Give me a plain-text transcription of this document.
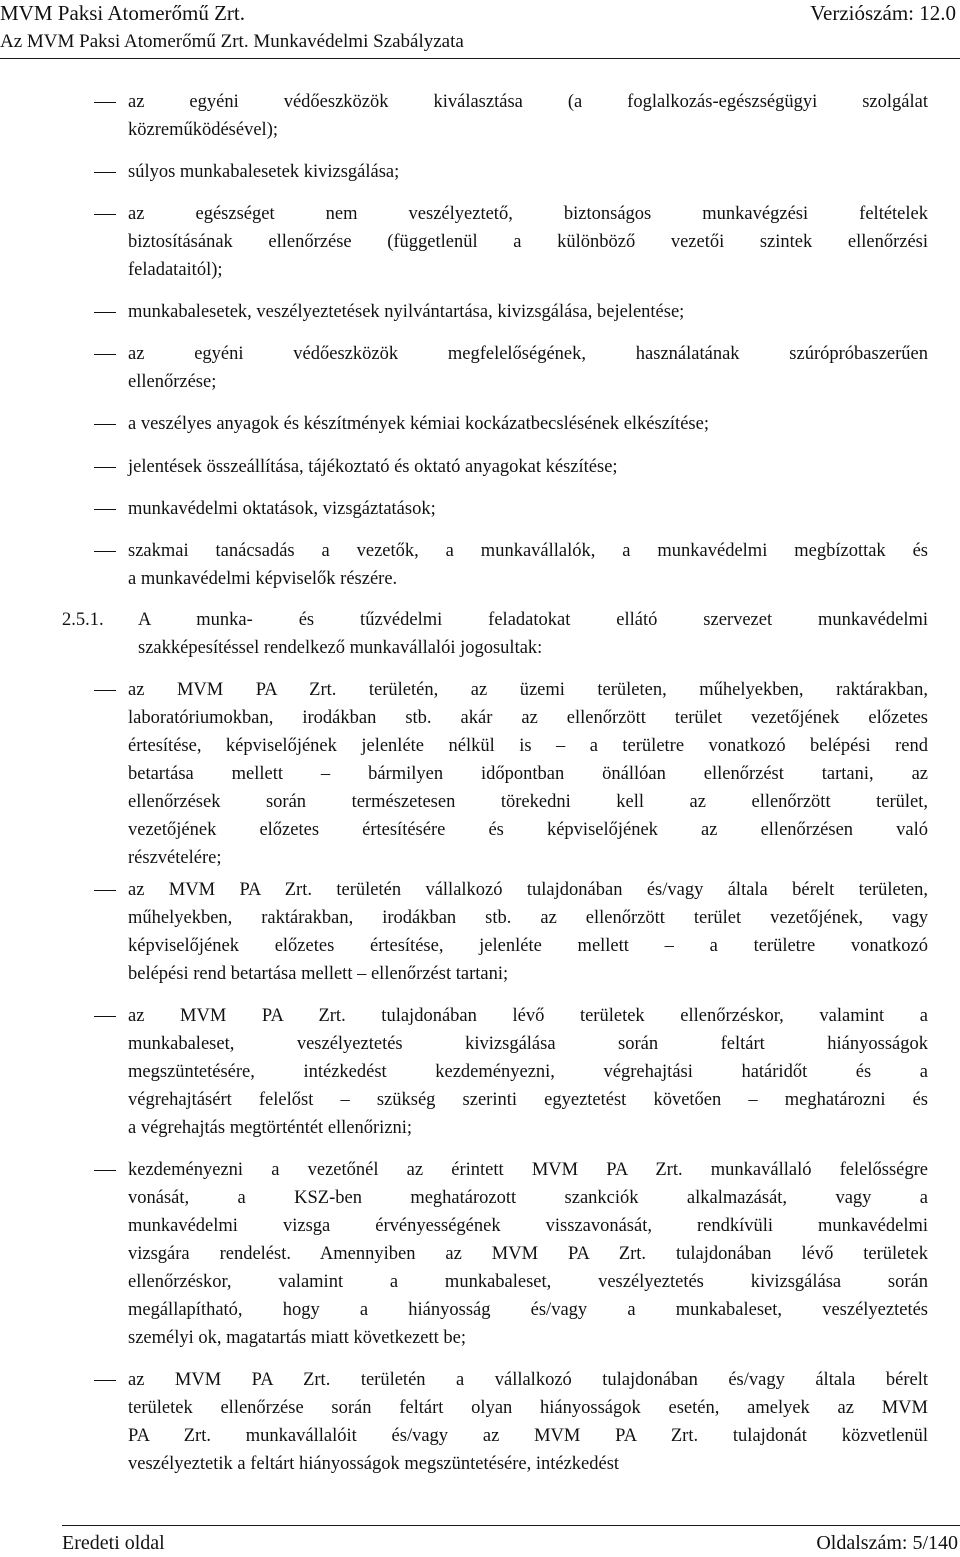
MVM Paksi Atomerőmű Zrt.	Verziószám: 12.0
Az MVM Paksi Atomerőmű Zrt. Munkavédelmi Szabályzata
az egyéni védőeszközök kiválasztása (a foglalkozás-egészségügyi szolgálat
közreműködésével);
súlyos munkabalesetek kivizsgálása;
az egészséget nem veszélyeztető, biztonságos munkavégzési feltételek
biztosításának ellenőrzése (függetlenül a különböző vezetői szintek ellenőrzési
feladataitól);
munkabalesetek, veszélyeztetések nyilvántartása, kivizsgálása, bejelentése;
az egyéni védőeszközök megfelelőségének, használatának szúrópróbaszerűen
ellenőrzése;
a veszélyes anyagok és készítmények kémiai kockázatbecslésének elkészítése;
jelentések összeállítása, tájékoztató és oktató anyagokat készítése;
munkavédelmi oktatások, vizsgáztatások;
szakmai tanácsadás a vezetők, a munkavállalók, a munkavédelmi megbízottak és
a munkavédelmi képviselők részére.
2.5.1. A munka- és tűzvédelmi feladatokat ellátó szervezet munkavédelmi
szakképesítéssel rendelkező munkavállalói jogosultak:
az MVM PA Zrt. területén, az üzemi területen, műhelyekben, raktárakban,
laboratóriumokban, irodákban stb. akár az ellenőrzött terület vezetőjének előzetes
értesítése, képviselőjének jelenléte nélkül is – a területre vonatkozó belépési rend
betartása mellett – bármilyen időpontban önállóan ellenőrzést tartani, az
ellenőrzések során természetesen törekedni kell az ellenőrzött terület,
vezetőjének előzetes értesítésére és képviselőjének az ellenőrzésen való
részvételére;
az MVM PA Zrt. területén vállalkozó tulajdonában és/vagy általa bérelt területen,
műhelyekben, raktárakban, irodákban stb. az ellenőrzött terület vezetőjének, vagy
képviselőjének előzetes értesítése, jelenléte mellett – a területre vonatkozó
belépési rend betartása mellett – ellenőrzést tartani;
az MVM PA Zrt. tulajdonában lévő területek ellenőrzéskor, valamint a
munkabaleset, veszélyeztetés kivizsgálása során feltárt hiányosságok
megszüntetésére, intézkedést kezdeményezni, végrehajtási határidőt és a
végrehajtásért felelőst – szükség szerinti egyeztetést követően – meghatározni és
a végrehajtás megtörténtét ellenőrizni;
kezdeményezni a vezetőnél az érintett MVM PA Zrt. munkavállaló felelősségre
vonását, a KSZ-ben meghatározott szankciók alkalmazását, vagy a
munkavédelmi vizsga érvényességének visszavonását, rendkívüli munkavédelmi
vizsgára rendelést. Amennyiben az MVM PA Zrt. tulajdonában lévő területek
ellenőrzéskor, valamint a munkabaleset, veszélyeztetés kivizsgálása során
megállapítható, hogy a hiányosság és/vagy a munkabaleset, veszélyeztetés
személyi ok, magatartás miatt következett be;
az MVM PA Zrt. területén a vállalkozó tulajdonában és/vagy általa bérelt
területek ellenőrzése során feltárt olyan hiányosságok esetén, amelyek az MVM
PA Zrt. munkavállalóit és/vagy az MVM PA Zrt. tulajdonát közvetlenül
veszélyeztetik a feltárt hiányosságok megszüntetésére, intézkedést
Eredeti oldal	Oldalszám: 5/140
